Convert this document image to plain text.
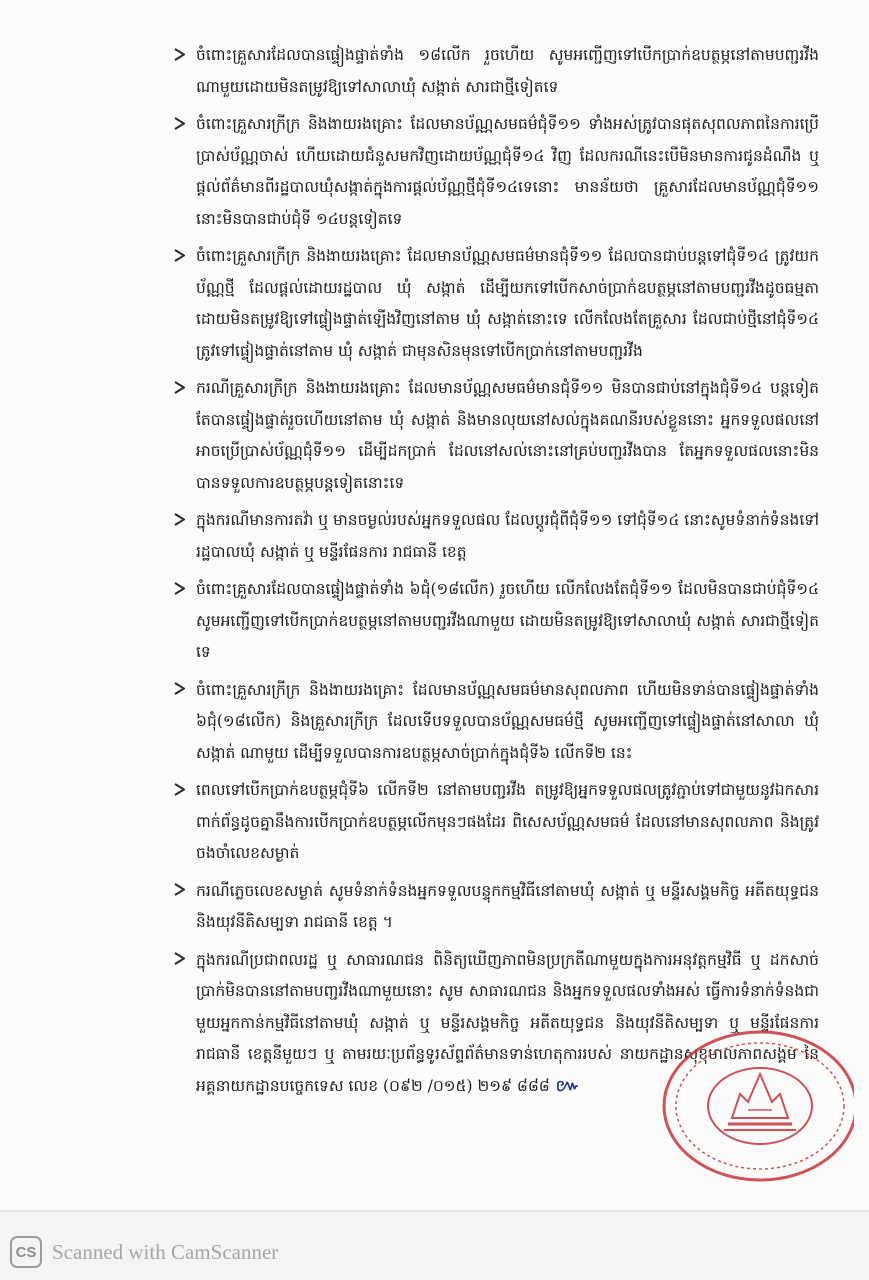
ចំពោះគ្រួសារដែលបានផ្ទៀងផ្ទាត់ទាំង ១៨លើក រួចហើយ សូមអញ្ជើញទៅបើកប្រាក់ឧបត្ថម្ភនៅតាមបញ្ជរវីងណាមួយដោយមិនតម្រូវឱ្យទៅសាលាឃុំ សង្កាត់ សារជាថ្មីទៀតទេ
ចំពោះគ្រួសារក្រីក្រ និងងាយរងគ្រោះ ដែលមានប័ណ្ណសមធម៌ជុំទី១១ ទាំងអស់ត្រូវបានផុតសុពលភាពនៃការប្រើប្រាស់ប័ណ្ណចាស់ ហើយដោយជំនួសមកវិញដោយប័ណ្ណជុំទី១៤ វិញ ដែលករណីនេះបើមិនមានការជូនដំណឹង ឬ ផ្តល់ព័ត៌មានពីរដ្ឋបាលឃុំសង្កាត់ក្នុងការផ្តល់ប័ណ្ណថ្មីជុំទី១៤ទេនោះ មានន័យថា គ្រួសារដែលមានប័ណ្ណជុំទី១១ នោះមិនបានជាប់ជុំទី ១៤បន្តទៀតទេ
ចំពោះគ្រួសារក្រីក្រ និងងាយរងគ្រោះ ដែលមានប័ណ្ណសមធម៌មានជុំទី១១ ដែលបានជាប់បន្តទៅជុំទី១៤ ត្រូវយកប័ណ្ណថ្មី ដែលផ្តល់ដោយរដ្ឋបាល ឃុំ សង្កាត់ ដើម្បីយកទៅបើកសាច់ប្រាក់ឧបត្ថម្ភនៅតាមបញ្ជរវីងដូចធម្មតា ដោយមិនតម្រូវឱ្យទៅផ្ទៀងផ្ទាត់ឡើងវិញនៅតាម ឃុំ សង្កាត់នោះទេ លើកលែងតែគ្រួសារ ដែលជាប់ថ្មីនៅជុំទី១៤ ត្រូវទៅផ្ទៀងផ្ទាត់នៅតាម ឃុំ សង្កាត់ ជាមុនសិនមុនទៅបើកប្រាក់នៅតាមបញ្ជរវីង
ករណីគ្រួសារក្រីក្រ និងងាយរងគ្រោះ ដែលមានប័ណ្ណសមធម៌មានជុំទី១១ មិនបានជាប់នៅក្នុងជុំទី១៤ បន្តទៀត តែបានផ្ទៀងផ្ទាត់រួចហើយនៅតាម ឃុំ សង្កាត់ និងមានលុយនៅសល់ក្នុងគណនីរបស់ខ្លួននោះ អ្នកទទួលផលនៅអាចប្រើប្រាស់ប័ណ្ណជុំទី១១ ដើម្បីដកប្រាក់ ដែលនៅសល់នោះនៅគ្រប់បញ្ជរវីងបាន តែអ្នកទទួលផលនោះមិនបានទទួលការឧបត្ថម្ភបន្តទៀតនោះទេ
ក្នុងករណីមានការតវ៉ា ឬ មានចម្ងល់របស់អ្នកទទួលផល ដែលប្តូរជុំពីជុំទី១១ ទៅជុំទី១៤ នោះសូមទំនាក់ទំនងទៅរដ្ឋបាលឃុំ សង្កាត់ ឬ មន្ទីរផែនការ រាជធានី ខេត្ត
ចំពោះគ្រួសារដែលបានផ្ទៀងផ្ទាត់ទាំង ៦ជុំ(១៨លើក) រួចហើយ លើកលែងតែជុំទី១១ ដែលមិនបានជាប់ជុំទី១៤ សូមអញ្ជើញទៅបើកប្រាក់ឧបត្ថម្ភនៅតាមបញ្ជរវីងណាមួយ ដោយមិនតម្រូវឱ្យទៅសាលាឃុំ សង្កាត់ សារជាថ្មីទៀតទេ
ចំពោះគ្រួសារក្រីក្រ និងងាយរងគ្រោះ ដែលមានប័ណ្ណសមធម៌មានសុពលភាព ហើយមិនទាន់បានផ្ទៀងផ្ទាត់ទាំង ៦ជុំ(១៨លើក) និងគ្រួសារក្រីក្រ ដែលទើបទទួលបានប័ណ្ណសមធម៌ថ្មី សូមអញ្ជើញទៅផ្ទៀងផ្ទាត់នៅសាលា ឃុំ សង្កាត់ ណាមួយ ដើម្បីទទួលបានការឧបត្ថម្ភសាច់ប្រាក់ក្នុងជុំទី៦ លើកទី២ នេះ
ពេលទៅបើកប្រាក់ឧបត្ថម្ភជុំទី៦ លើកទី២ នៅតាមបញ្ជរវីង តម្រូវឱ្យអ្នកទទួលផលត្រូវភ្ជាប់ទៅជាមួយនូវឯកសារពាក់ព័ន្ធដូចគ្នានឹងការបើកប្រាក់ឧបត្ថម្ភលើកមុនៗផងដែរ ពិសេសប័ណ្ណសមធម៌ ដែលនៅមានសុពលភាព និងត្រូវចងចាំលេខសម្ងាត់
ករណីភ្លេចលេខសម្ងាត់ សូមទំនាក់ទំនងអ្នកទទួលបន្ទុកកម្មវិធីនៅតាមឃុំ សង្កាត់ ឬ មន្ទីរសង្គមកិច្ច អតីតយុទ្ធជន និងយុវនីតិសម្បទា រាជធានី ខេត្ត ។
ក្នុងករណីប្រជាពលរដ្ឋ ឬ សាធារណជន ពិនិត្យឃើញភាពមិនប្រក្រតីណាមួយក្នុងការអនុវត្តកម្មវិធី ឬ ដកសាច់ប្រាក់មិនបាននៅតាមបញ្ជរវីងណាមួយនោះ សូម សាធារណជន និងអ្នកទទួលផលទាំងអស់ ធ្វើការទំនាក់ទំនងជាមួយអ្នកកាន់កម្មវិធីនៅតាមឃុំ សង្កាត់ ឬ មន្ទីរសង្គមកិច្ច អតីតយុទ្ធជន និងយុវនីតិសម្បទា ឬ មន្ទីរផែនការ រាជធានី ខេត្តនីមួយៗ ឬ តាមរយៈប្រព័ន្ធទូរស័ព្ទព័ត៌មានទាន់ហេតុការរបស់ នាយកដ្ឋានសុខុមាលភាពសង្គម នៃអគ្គនាយកដ្ឋានបច្ចេកទេស លេខ (០៩២ /០១៥) ២១៩ ៨៨៨ ៚
CS Scanned with CamScanner
